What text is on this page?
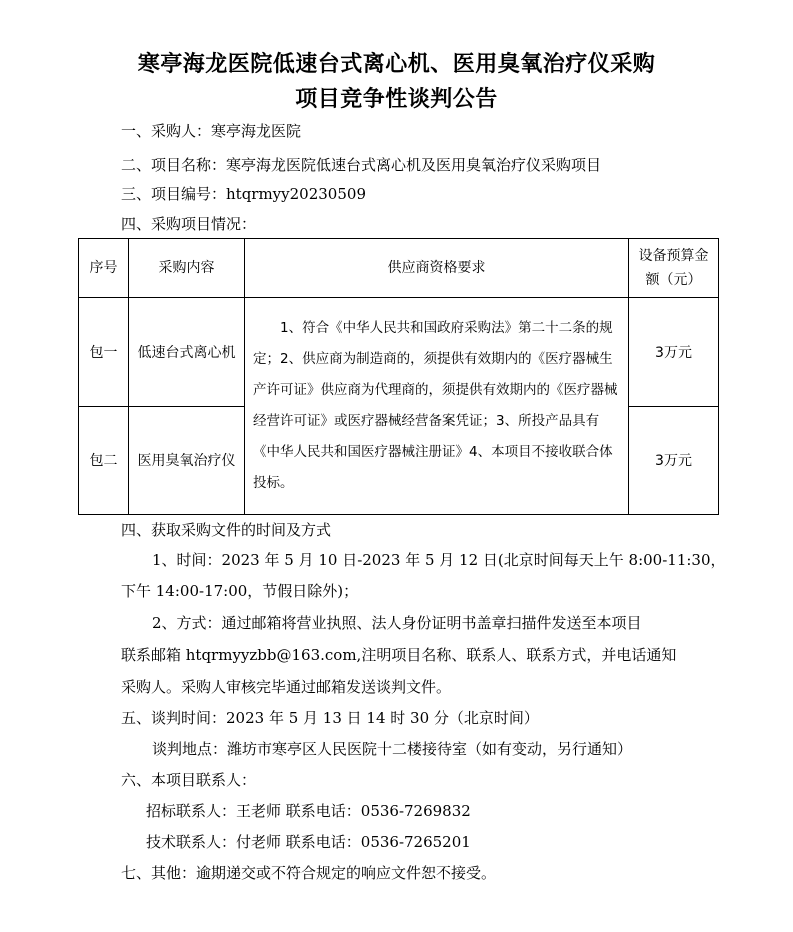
寒亭海龙医院低速台式离心机、医用臭氧治疗仪采购
项目竞争性谈判公告
一、采购人：寒亭海龙医院
二、项目名称：寒亭海龙医院低速台式离心机及医用臭氧治疗仪采购项目
三、项目编号：htqrmyy20230509
四、采购项目情况：
序号	采购内容	供应商资格要求	设备预算金额（元）
包一	低速台式离心机	1、符合《中华人民共和国政府采购法》第二十二条的规定；2、供应商为制造商的，须提供有效期内的《医疗器械生产许可证》供应商为代理商的，须提供有效期内的《医疗器械经营许可证》或医疗器械经营备案凭证；3、所投产品具有《中华人民共和国医疗器械注册证》4、本项目不接收联合体投标。	3万元
包二	医用臭氧治疗仪		3万元
四、获取采购文件的时间及方式
1、时间：2023 年 5 月 10 日-2023 年 5 月 12 日(北京时间每天上午 8:00-11:30，
下午 14:00-17:00，节假日除外)；
2、方式：通过邮箱将营业执照、法人身份证明书盖章扫描件发送至本项目
联系邮箱 htqrmyyzbb@163.com,注明项目名称、联系人、联系方式，并电话通知
采购人。采购人审核完毕通过邮箱发送谈判文件。
五、谈判时间：2023 年 5 月 13 日 14 时 30 分（北京时间）
谈判地点：潍坊市寒亭区人民医院十二楼接待室（如有变动，另行通知）
六、本项目联系人：
招标联系人：王老师 联系电话：0536-7269832
技术联系人：付老师 联系电话：0536-7265201
七、其他：逾期递交或不符合规定的响应文件恕不接受。
